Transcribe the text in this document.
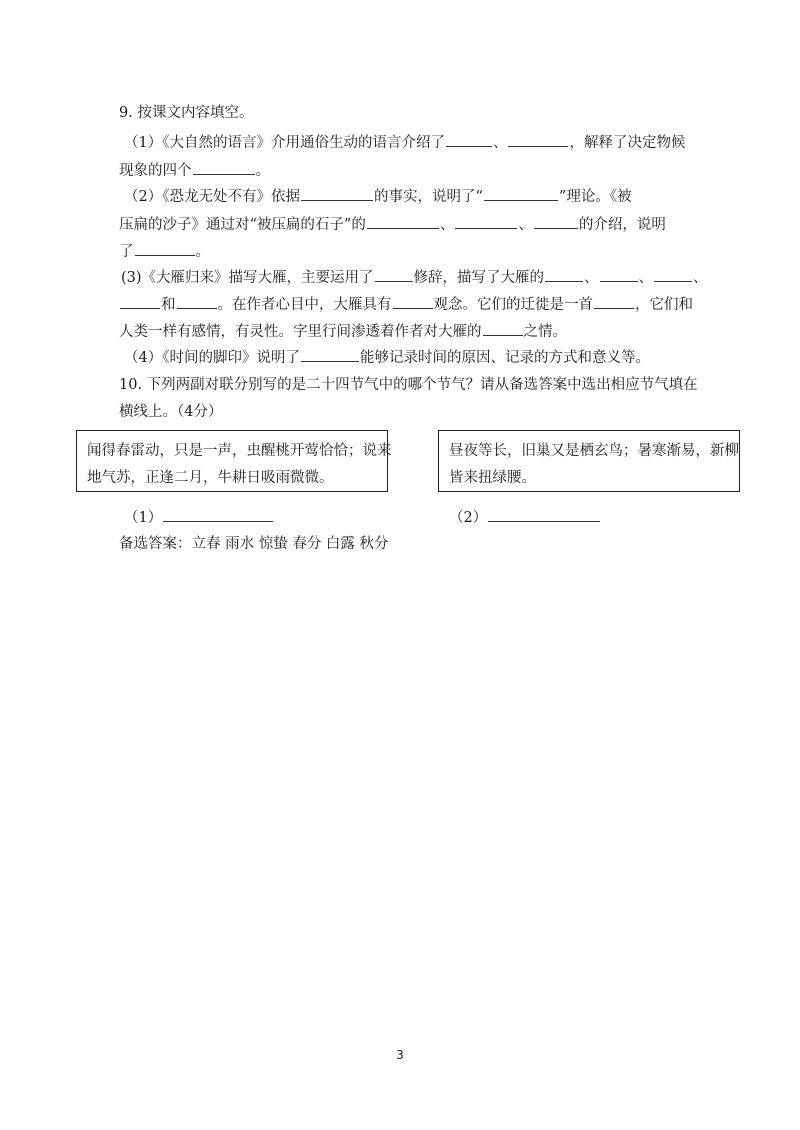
9. 按课文内容填空。
（1）《大自然的语言》介用通俗生动的语言介绍了	、	，解释了决定物候
现象的四个	。
（2）《恐龙无处不有》依据	的事实，说明了“	”理论。《被
压扁的沙子》通过对“被压扁的石子”的	、	、	的介绍，说明
了	。
(3)《大雁归来》描写大雁，主要运用了	修辞，描写了大雁的	、	、	、
和	。在作者心目中，大雁具有	观念。它们的迁徙是一首	，它们和
人类一样有感情，有灵性。字里行间渗透着作者对大雁的	之情。
（4）《时间的脚印》说明了	能够记录时间的原因、记录的方式和意义等。
10. 下列两副对联分别写的是二十四节气中的哪个节气？请从备选答案中选出相应节气填在
横线上。（4分）
闻得春雷动，只是一声，虫醒桃开莺恰恰；说来
地气苏，正逢二月，牛耕日吸雨微微。
昼夜等长，旧巢又是栖玄鸟；暑寒渐易，新柳
皆来扭绿腰。
（1）	（2）
备选答案：立春 雨水 惊蛰 春分 白露 秋分
3
